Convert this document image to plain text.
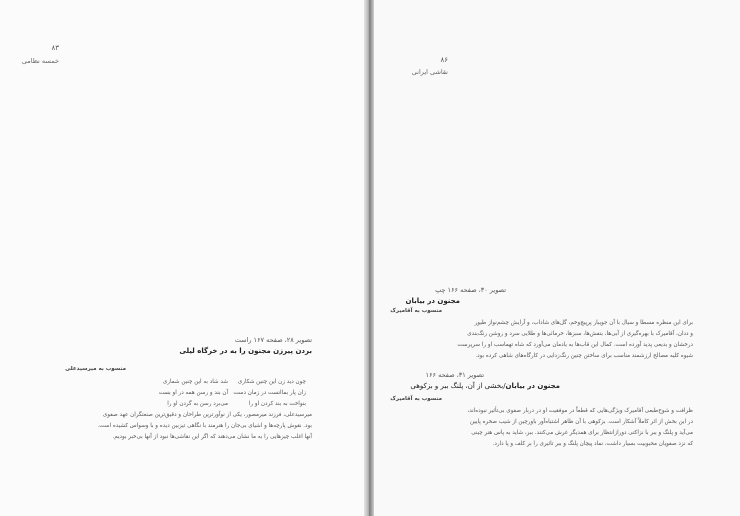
۸۳
خمسه نظامی
تصویر ۲۸، صفحه ۱۶۷ راست
بردن پیرزن مجنون را به در خرگاه لیلی
منسوب به میرسیدعلی
چون دید زن این چنین شکاری
شد شاد به این چنین شماری
زان پار بماانست در زمان دست
آن بند و رسن همه در او بست
بنواخت به بند کردن او را
می‌برد رسن به گردن او را
میرسیدعلی، فرزند میرمصور، یکی از نوآورترین طراحان و دقیق‌ترین صنعتگران عهد صفوی
بود. نقوش پارچه‌ها و اشیای بی‌جان را هنرمند با نگاهی تیزبین دیده و با وسواس کشیده است.
آنها اغلب چیزهایی را به ما نشان می‌دهند که اگر این نقاشی‌ها نبود از آنها بی‌خبر بودیم.
۸۶
نقاشی ایرانی
تصویر ۳۰، صفحه ۱۶۶ چپ
مجنون در بیابان
منسوب به آقامیرک
برای این منظره مسطا و سیال با آن جویبار پرپیچ‌وخم، گل‌های شاداب، و آرایش چشم‌نواز طیور
و ددان، آقامیرک با بهره‌گیری از آبی‌ها، بنفش‌ها، سبزها، خرمائی‌ها و طلایی سرد و روشن رنگ‌بندی
درخشان و بدیعی پدید آورده است. کمال این قاب‌ها به یادمان می‌آورد که شاه تهماسب او را سرپرست
شیوه کلیه مصالح ارزشمند مناسب برای ساختن چنین رنگ‌زدایی در کارگاه‌های شاهی کرده بود.
تصویر ۳۱، صفحه ۱۶۶
مجنون در بیابان/بخشی از آن، پلنگ ببر و بزکوهی
منسوب به آقامیرک
ظرافت و شوخ‌طبعی آقامیرک ویژگی‌هایی که قطعاً در موفقیت او در دربار صفوی بی‌تأثیر نبوده‌اند،
در این بخش از اثر کاملاً آشکار است. بزکوهی با آن ظاهر اشتباه‌آور باورچین از شیب صخره پایین
می‌آید و پلنگ و ببر با نزاکتی دورازانتظار برای همدیگر غرش می‌کنند. ببر، شاید به پاس هنر چینی
که نزد صفویان محبوبیت بسیار داشت، نماد پیچان پلنگ و ببر تاثیری را بر کلف و پا دارد.
